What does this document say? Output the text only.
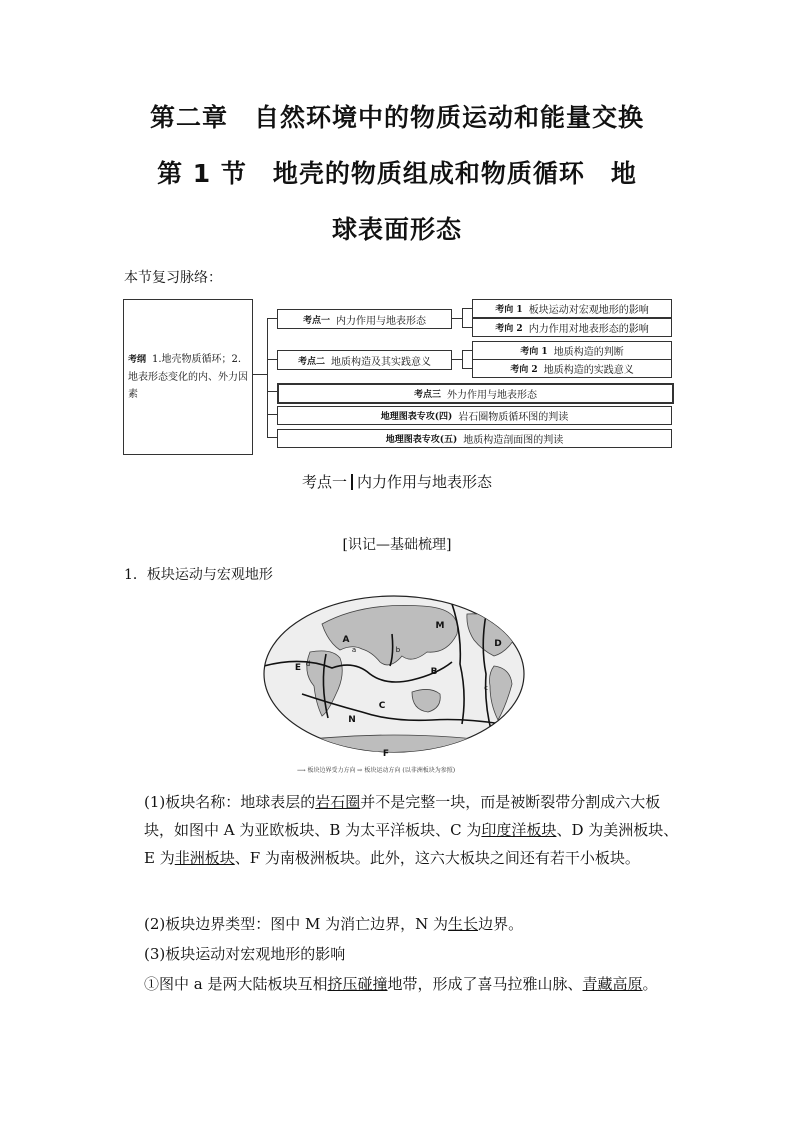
第二章　自然环境中的物质运动和能量交换
第 1 节　地壳的物质组成和物质循环　地
球表面形态
本节复习脉络：
考纲 1.地壳物质循环；2.地表形态变化的内、外力因素
考点一 内力作用与地表形态
考向 1 板块运动对宏观地形的影响
考向 2 内力作用对地表形态的影响
考点二 地质构造及其实践意义
考向 1 地质构造的判断
考向 2 地质构造的实践意义
考点三 外力作用与地表形态
地理图表专攻(四) 岩石圈物质循环图的判读
地理图表专攻(五) 地质构造剖面图的判读
考点一 内力作用与地表形态
[识记—基础梳理]
1．板块运动与宏观地形
A
B
C
D
E
F
M
N
a	b
c
d
⟶ 板块边界受力方向 ⇨ 板块运动方向 (以非洲板块为参照)
(1)板块名称：地球表层的岩石圈并不是完整一块，而是被断裂带分割成六大板块，如图中 A 为亚欧板块、B 为太平洋板块、C 为印度洋板块、D 为美洲板块、E 为非洲板块、F 为南极洲板块。此外，这六大板块之间还有若干小板块。
(2)板块边界类型：图中 M 为消亡边界，N 为生长边界。
(3)板块运动对宏观地形的影响
①图中 a 是两大陆板块互相挤压碰撞地带，形成了喜马拉雅山脉、青藏高原。
